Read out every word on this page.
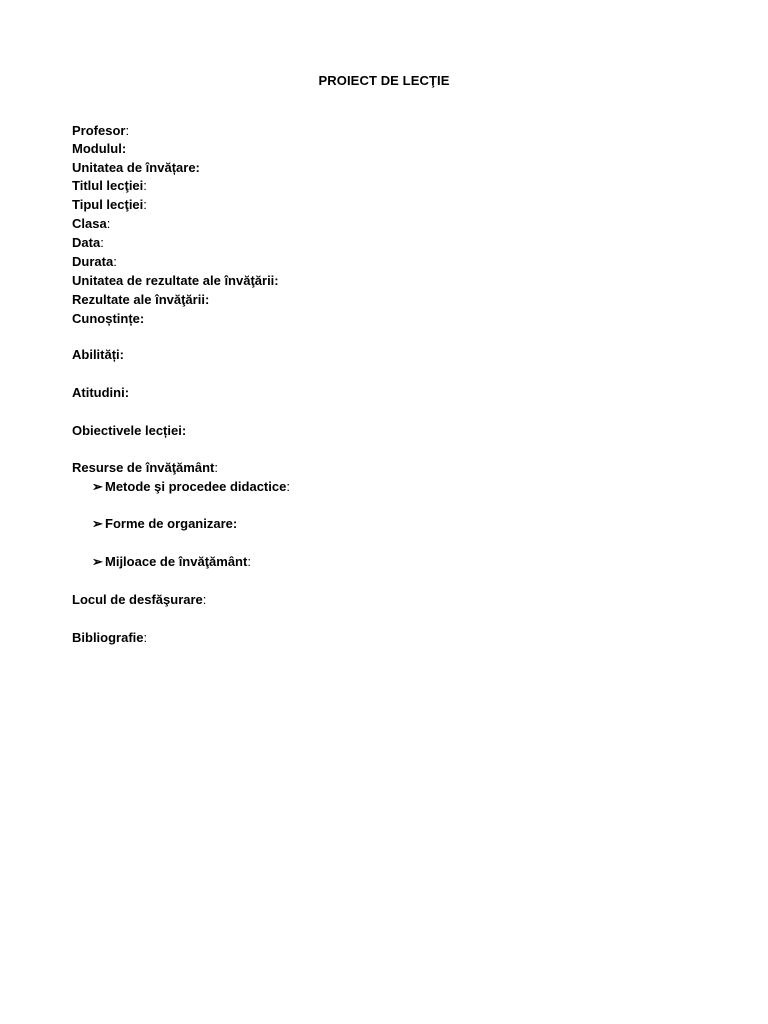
PROIECT DE LECŢIE
Profesor:
Modulul:
Unitatea de învățare:
Titlul lecţiei:
Tipul lecţiei:
Clasa:
Data:
Durata:
Unitatea de rezultate ale învăţării:
Rezultate ale învăţării:
Cunoștințe:
Abilități:
Atitudini:
Obiectivele lecției:
Resurse de învăţământ:
➢ Metode şi procedee didactice:
➢ Forme de organizare:
➢ Mijloace de învăţământ:
Locul de desfăşurare:
Bibliografie:
